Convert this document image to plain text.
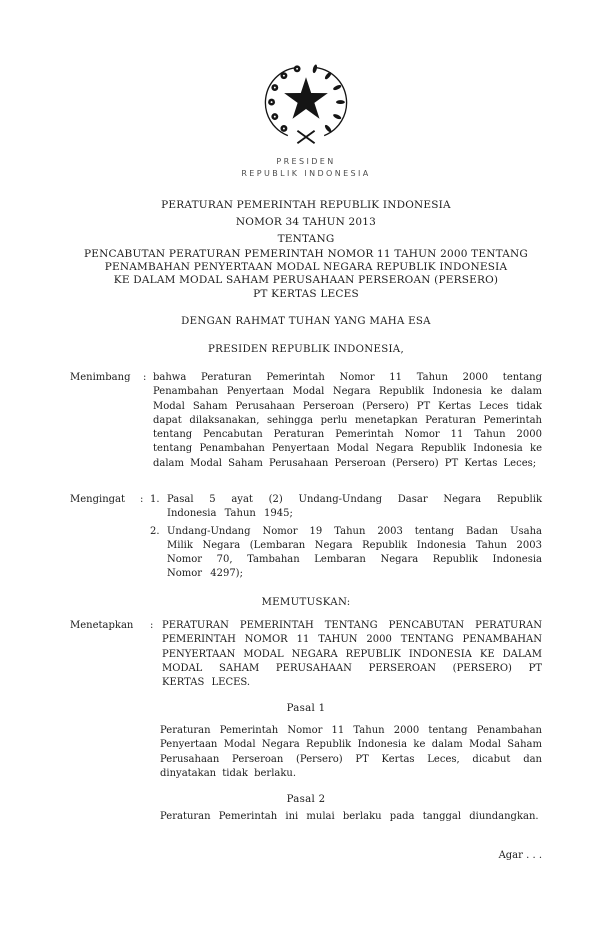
PRESIDEN
REPUBLIK INDONESIA
PERATURAN PEMERINTAH REPUBLIK INDONESIA
NOMOR 34 TAHUN 2013
TENTANG
PENCABUTAN PERATURAN PEMERINTAH NOMOR 11 TAHUN 2000 TENTANG
PENAMBAHAN PENYERTAAN MODAL NEGARA REPUBLIK INDONESIA
KE DALAM MODAL SAHAM PERUSAHAAN PERSEROAN (PERSERO)
PT KERTAS LECES
DENGAN RAHMAT TUHAN YANG MAHA ESA
PRESIDEN REPUBLIK INDONESIA,
Menimbang	: bahwa Peraturan Pemerintah Nomor 11 Tahun 2000 tentang Penambahan Penyertaan Modal Negara Republik Indonesia ke dalam Modal Saham Perusahaan Perseroan (Persero) PT Kertas Leces tidak dapat dilaksanakan, sehingga perlu menetapkan Peraturan Pemerintah tentang Pencabutan Peraturan Pemerintah Nomor 11 Tahun 2000 tentang Penambahan Penyertaan Modal Negara Republik Indonesia ke dalam Modal Saham Perusahaan Perseroan (Persero) PT Kertas Leces;
Mengingat	: 1. Pasal 5 ayat (2) Undang-Undang Dasar Negara Republik Indonesia Tahun 1945;
2. Undang-Undang Nomor 19 Tahun 2003 tentang Badan Usaha Milik Negara (Lembaran Negara Republik Indonesia Tahun 2003 Nomor 70, Tambahan Lembaran Negara Republik Indonesia Nomor 4297);
MEMUTUSKAN:
Menetapkan	: PERATURAN PEMERINTAH TENTANG PENCABUTAN PERATURAN PEMERINTAH NOMOR 11 TAHUN 2000 TENTANG PENAMBAHAN PENYERTAAN MODAL NEGARA REPUBLIK INDONESIA KE DALAM MODAL SAHAM PERUSAHAAN PERSEROAN (PERSERO) PT KERTAS LECES.
Pasal 1
Peraturan Pemerintah Nomor 11 Tahun 2000 tentang Penambahan Penyertaan Modal Negara Republik Indonesia ke dalam Modal Saham Perusahaan Perseroan (Persero) PT Kertas Leces, dicabut dan dinyatakan tidak berlaku.
Pasal 2
Peraturan Pemerintah ini mulai berlaku pada tanggal diundangkan.
Agar . . .
